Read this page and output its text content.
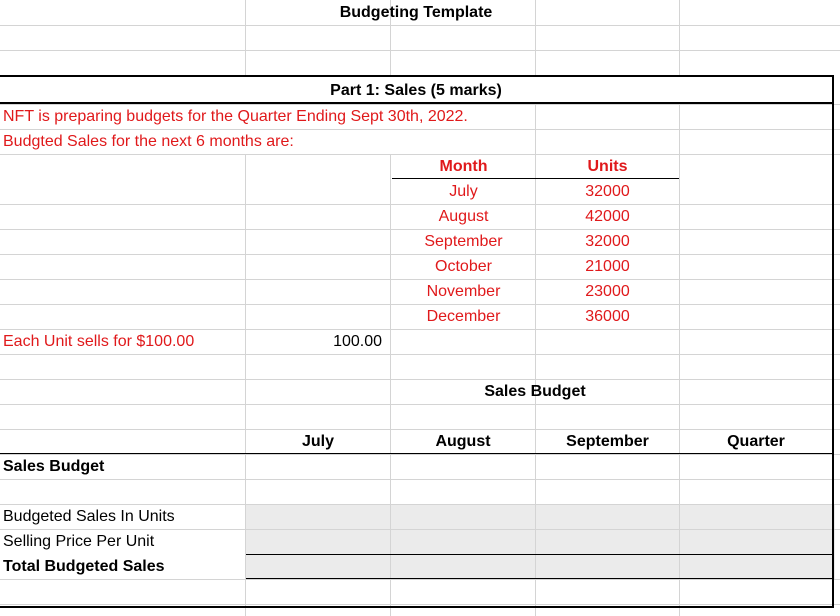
Budgeting Template
Part 1: Sales (5 marks)
NFT is preparing budgets for the Quarter Ending Sept 30th, 2022.
Budgted Sales for the next 6 months are:
Month	Units
July	32000
August	42000
September	32000
October	21000
November	23000
December	36000
Each Unit sells for $100.00	100.00
Sales Budget
July	August	September	Quarter
Sales Budget
Budgeted Sales In Units
Selling Price Per Unit
Total Budgeted Sales
